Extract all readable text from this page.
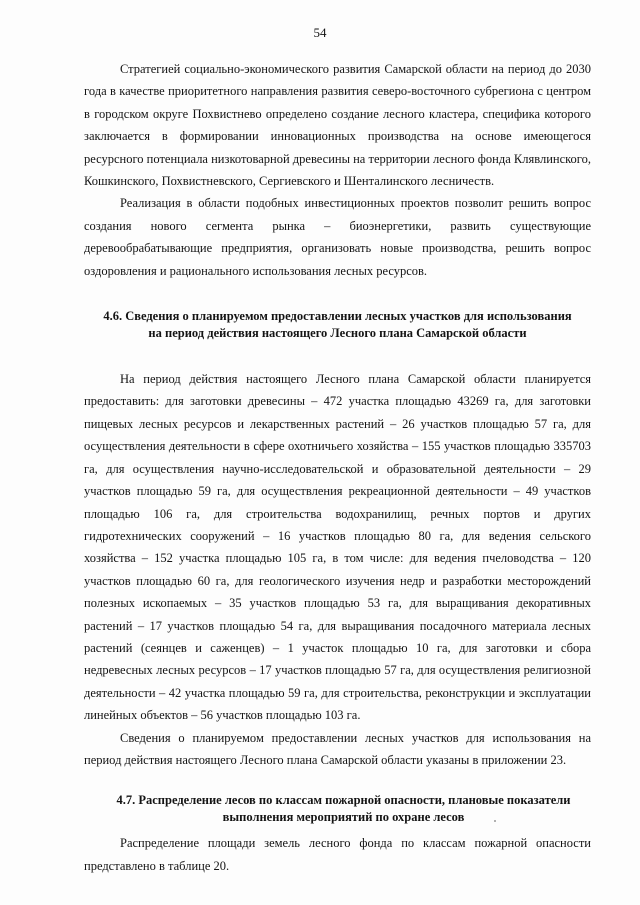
54

Стратегией социально-экономического развития Самарской области на период до 2030 года в качестве приоритетного направления развития северо-восточного субрегиона с центром в городском округе Похвистнево определено создание лесного кластера, специфика которого заключается в формировании инновационных производства на основе имеющегося ресурсного потенциала низкотоварной древесины на территории лесного фонда Клявлинского, Кошкинского, Похвистневского, Сергиевского и Шенталинского лесничеств.

Реализация в области подобных инвестиционных проектов позволит решить вопрос создания нового сегмента рынка – биоэнергетики, развить существующие деревообрабатывающие предприятия, организовать новые производства, решить вопрос оздоровления и рационального использования лесных ресурсов.

4.6. Сведения о планируемом предоставлении лесных участков для использования
на период действия настоящего Лесного плана Самарской области

На период действия настоящего Лесного плана Самарской области планируется предоставить: для заготовки древесины – 472 участка площадью 43269 га, для заготовки пищевых лесных ресурсов и лекарственных растений – 26 участков площадью 57 га, для осуществления деятельности в сфере охотничьего хозяйства – 155 участков площадью 335703 га, для осуществления научно-исследовательской и образовательной деятельности – 29 участков площадью 59 га, для осуществления рекреационной деятельности – 49 участков площадью 106 га, для строительства водохранилищ, речных портов и других гидротехнических сооружений – 16 участков площадью 80 га, для ведения сельского хозяйства – 152 участка площадью 105 га, в том числе: для ведения пчеловодства – 120 участков площадью 60 га, для геологического изучения недр и разработки месторождений полезных ископаемых – 35 участков площадью 53 га, для выращивания декоративных растений – 17 участков площадью 54 га, для выращивания посадочного материала лесных растений (сеянцев и саженцев) – 1 участок площадью 10 га, для заготовки и сбора недревесных лесных ресурсов – 17 участков площадью 57 га, для осуществления религиозной деятельности – 42 участка площадью 59 га, для строительства, реконструкции и эксплуатации линейных объектов – 56 участков площадью 103 га.

Сведения о планируемом предоставлении лесных участков для использования на период действия настоящего Лесного плана Самарской области указаны в приложении 23.

4.7. Распределение лесов по классам пожарной опасности, плановые показатели
выполнения мероприятий по охране лесов

Распределение площади земель лесного фонда по классам пожарной опасности представлено в таблице 20.
